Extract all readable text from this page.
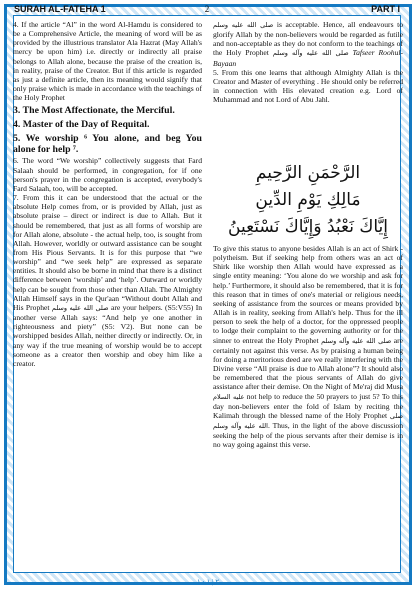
SURAH AL-FATEHA 1	2	PART I

4. If the article “Al” in the word Al-Hamdu is considered to be a Comprehensive Article, the meaning of word will be as provided by the illustrious translator Ala Hazrat (May Allah's mercy be upon him) i.e. directly or indirectly all praise belongs to Allah alone, because the praise of the creation is, in reality, praise of the Creator. But if this article is regarded as just a definite article, then its meaning would signify that only praise which is made in accordance with the teachings of the Holy Prophet

3. The Most Affectionate, the Merciful.
4. Master of the Day of Requital.
5. We worship ⁶ You alone, and beg You alone for help ⁷.

6. The word “We worship” collectively suggests that Fard Salaah should be performed, in congregation, for if one person's prayer in the congregation is accepted, everybody's Fard Salaah, too, will be accepted.

7. From this it can be understood that the actual or the absolute Help comes from, or is provided by Allah, just as absolute praise – direct or indirect is due to Allah. But it should be remembered, that just as all forms of worship are for Allah alone, absolute - the actual help, too, is sought from Allah. However, worldly or outward assistance can be sought from His Pious Servants. It is for this purpose that “we worship” and “we seek help” are expressed as separate entities. It should also be borne in mind that there is a distinct difference between ‘worship’ and ‘help’. Outward or worldly help can be sought from those other than Allah. The Almighty Allah Himself says in the Qur'aan “Without doubt Allah and His Prophet صلى الله عليه وسلم are your helpers. (S5:V55) In another verse Allah says: “And help ye one another in righteousness and piety” (S5: V2). But none can be worshipped besides Allah, neither directly or indirectly. Or, in any way if the true meaning of worship would be to accept someone as a creator then worship and obey him like a creator.

صلى الله عليه وسلم is acceptable. Hence, all endeavours to glorify Allah by the non-believers would be regarded as futile and non-acceptable as they do not conform to the teachings of the Holy Prophet صلى الله عليه وآله وسلم Tafseer Roohul-Bayaan

5. From this one learns that although Almighty Allah is the Creator and Master of everything . He should only be referred in connection with His elevated creation e.g. Lord of Muhammad and not Lord of Abu Jahl.

الرَّحْمَنِ الرَّحِيمِ
مَالِكِ يَوْمِ الدِّينِ
إِيَّاكَ نَعْبُدُ وَإِيَّاكَ نَسْتَعِينُ

To give this status to anyone besides Allah is an act of Shirk - polytheism. But if seeking help from others was an act of Shirk like worship then Allah would have expressed as a single entity meaning: ‘You alone do we worship and ask for help.’ Furthermore, it should also be remembered, that it is for this reason that in times of one's material or religious needs, seeking of assistance from the sources or means provided by Allah is in reality, seeking from Allah's help. Thus for the ill person to seek the help of a doctor, for the oppressed people to lodge their complaint to the governing authority or for the sinner to entreat the Holy Prophet صلى الله عليه وآله وسلم are certainly not against this verse. As by praising a human being for doing a meritorious deed are we really interfering with the Divine verse “All praise is due to Allah alone”? It should also be remembered that the pious servants of Allah do give assistance after their demise. On the Night of Me'raj did Musa عليه السلام not help to reduce the 50 prayers to just 5? To this day non-believers enter the fold of Islam by reciting the Kalimah through the blessed name of the Holy Prophet صلى الله عليه وآله وسلم. Thus, in the light of the above discussion seeking the help of the pious servants after their demise is in no way going against this verse.

٢ | ١ · ١
